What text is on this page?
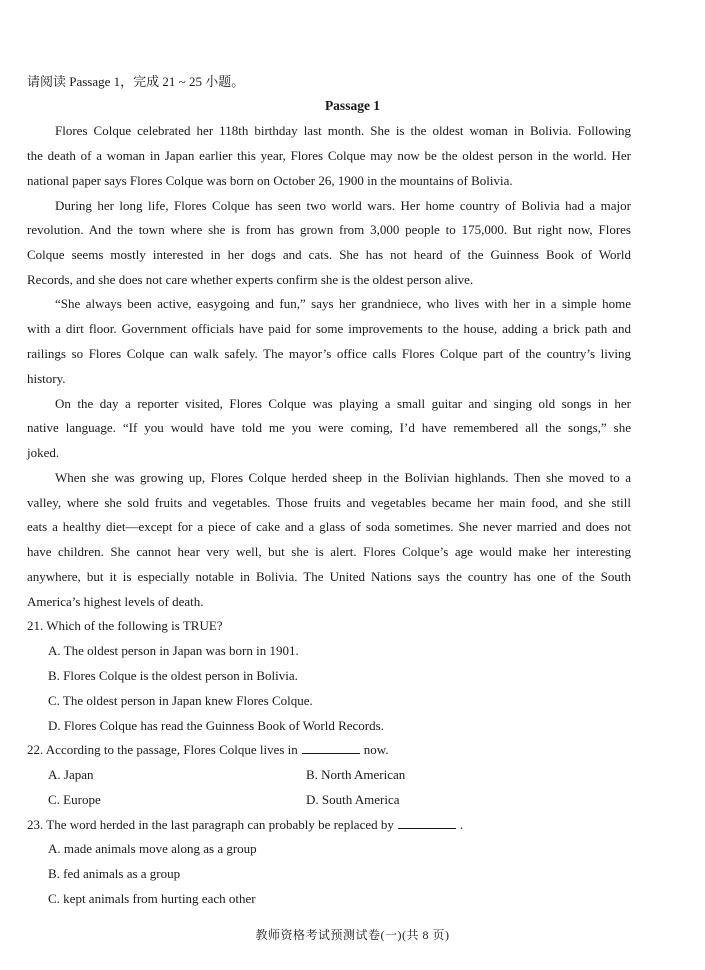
请阅读 Passage 1，完成 21 ~ 25 小题。
Passage 1
Flores Colque celebrated her 118th birthday last month. She is the oldest woman in Bolivia. Following
the death of a woman in Japan earlier this year, Flores Colque may now be the oldest person in the world. Her
national paper says Flores Colque was born on October 26, 1900 in the mountains of Bolivia.
During her long life, Flores Colque has seen two world wars. Her home country of Bolivia had a major
revolution. And the town where she is from has grown from 3,000 people to 175,000. But right now, Flores
Colque seems mostly interested in her dogs and cats. She has not heard of the Guinness Book of World
Records, and she does not care whether experts confirm she is the oldest person alive.
“She always been active, easygoing and fun,” says her grandniece, who lives with her in a simple home
with a dirt floor. Government officials have paid for some improvements to the house, adding a brick path and
railings so Flores Colque can walk safely. The mayor’s office calls Flores Colque part of the country’s living
history.
On the day a reporter visited, Flores Colque was playing a small guitar and singing old songs in her
native language. “If you would have told me you were coming, I’d have remembered all the songs,” she
joked.
When she was growing up, Flores Colque herded sheep in the Bolivian highlands. Then she moved to a
valley, where she sold fruits and vegetables. Those fruits and vegetables became her main food, and she still
eats a healthy diet—except for a piece of cake and a glass of soda sometimes. She never married and does not
have children. She cannot hear very well, but she is alert. Flores Colque’s age would make her interesting
anywhere, but it is especially notable in Bolivia. The United Nations says the country has one of the South
America’s highest levels of death.
21. Which of the following is TRUE?
A. The oldest person in Japan was born in 1901.
B. Flores Colque is the oldest person in Bolivia.
C. The oldest person in Japan knew Flores Colque.
D. Flores Colque has read the Guinness Book of World Records.
22. According to the passage, Flores Colque lives in	now.
A. Japan	B. North American
C. Europe	D. South America
23. The word herded in the last paragraph can probably be replaced by	.
A. made animals move along as a group
B. fed animals as a group
C. kept animals from hurting each other
教师资格考试预测试卷(一)(共 8 页)
